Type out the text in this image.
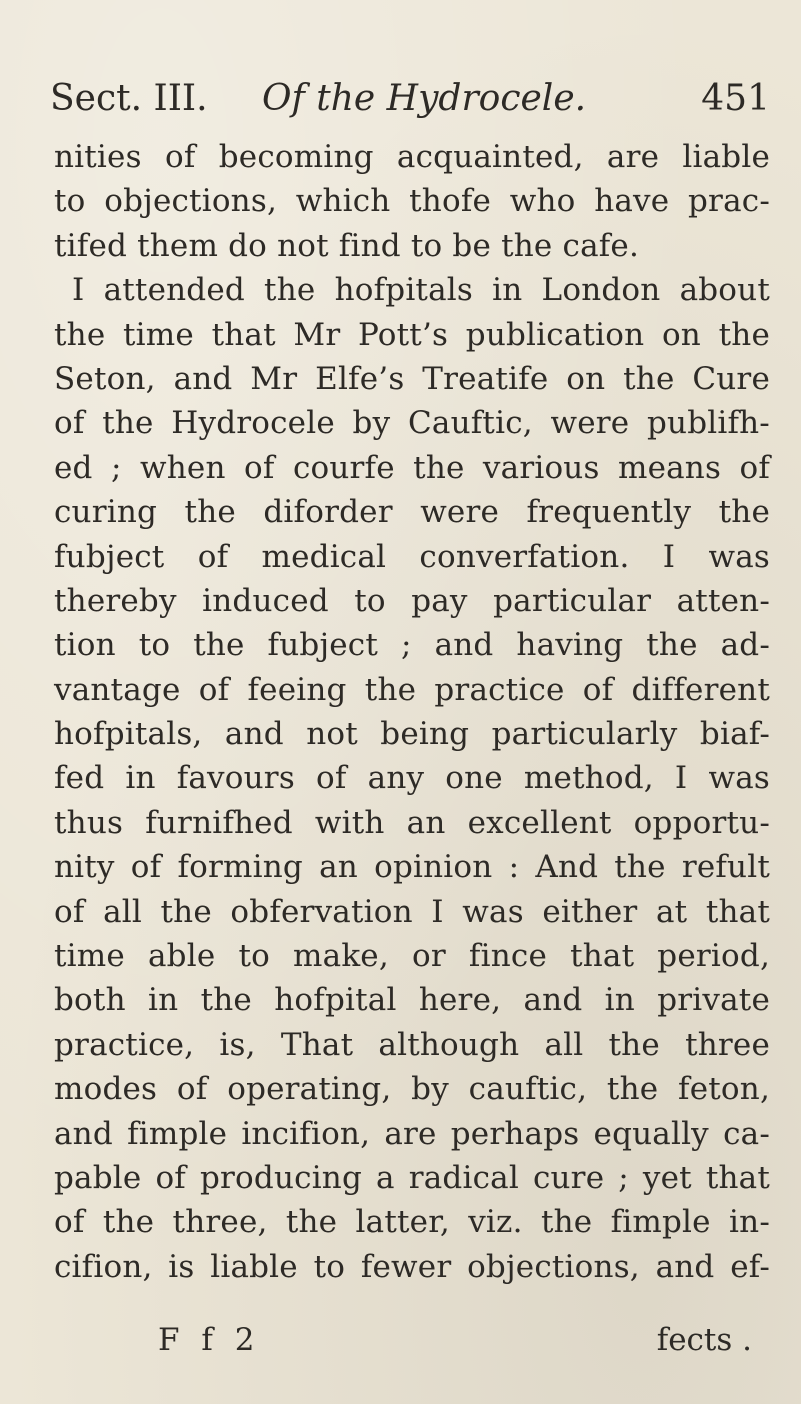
Sect. III. Of the Hydrocele.	451
nities of becoming acquainted, are liable
to objections, which thofe who have prac-
tifed them do not find to be the cafe.
I attended the hofpitals in London about
the time that Mr Pott’s publication on the
Seton, and Mr Elfe’s Treatife on the Cure
of the Hydrocele by Cauftic, were publifh-
ed ; when of courfe the various means of
curing the diforder were frequently the
fubject of medical converfation. I was
thereby induced to pay particular atten-
tion to the fubject ; and having the ad-
vantage of feeing the practice of different
hofpitals, and not being particularly biaf-
fed in favours of any one method, I was
thus furnifhed with an excellent opportu-
nity of forming an opinion : And the refult
of all the obfervation I was either at that
time able to make, or fince that period,
both in the hofpital here, and in private
practice, is, That although all the three
modes of operating, by cauftic, the feton,
and fimple incifion, are perhaps equally ca-
pable of producing a radical cure ; yet that
of the three, the latter, viz. the fimple in-
cifion, is liable to fewer objections, and ef-
F f 2	fects .
